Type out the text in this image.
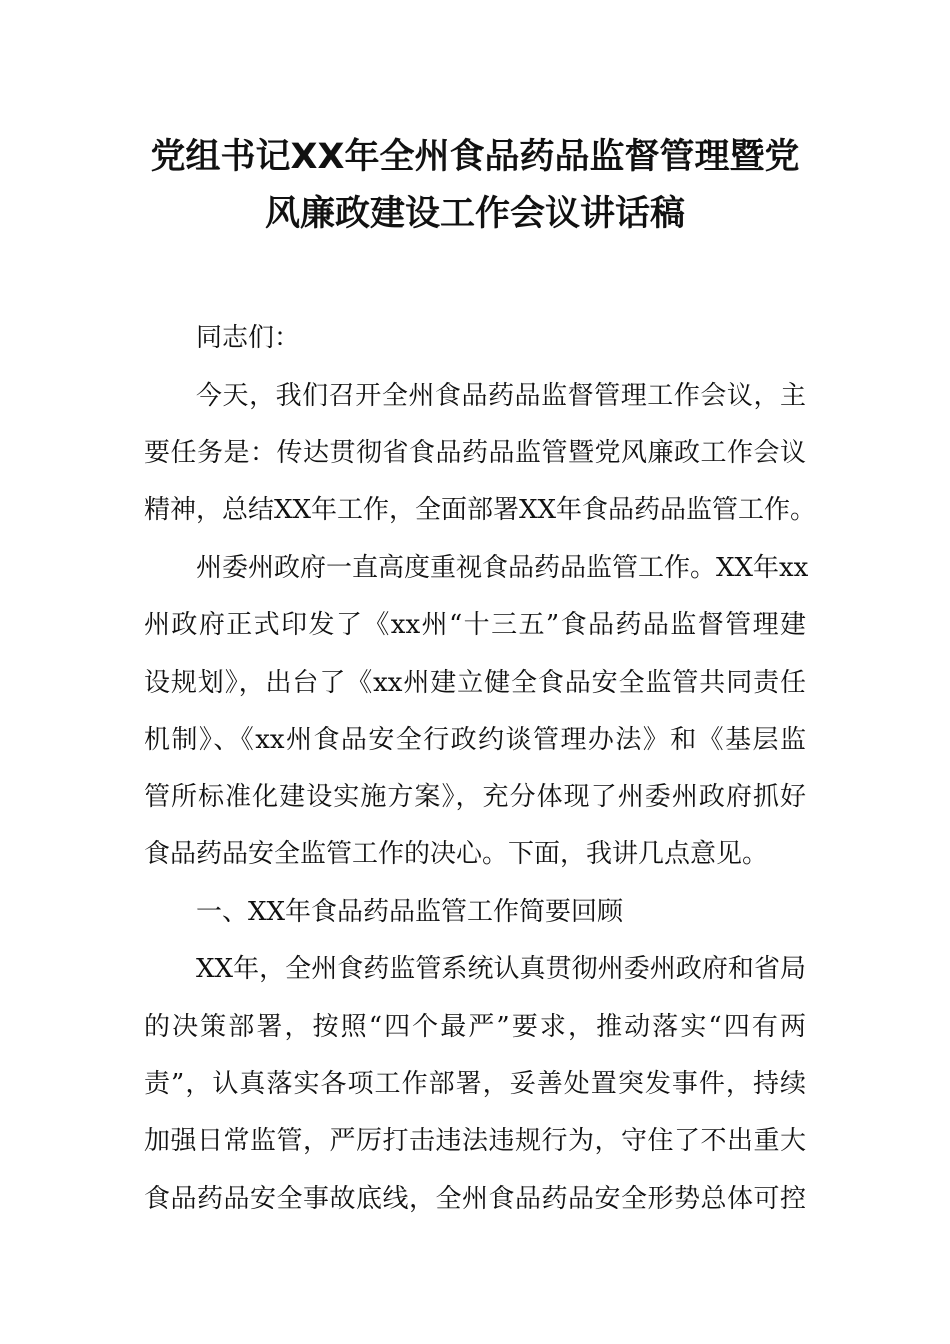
党组书记XX年全州食品药品监督管理暨党
风廉政建设工作会议讲话稿
同志们：
今天，我们召开全州食品药品监督管理工作会议，主
要任务是：传达贯彻省食品药品监管暨党风廉政工作会议
精神，总结XX年工作，全面部署XX年食品药品监管工作。
州委州政府一直高度重视食品药品监管工作。XX年xx
州政府正式印发了《xx州“十三五”食品药品监督管理建
设规划》，出台了《xx州建立健全食品安全监管共同责任
机制》、《xx州食品安全行政约谈管理办法》和《基层监
管所标准化建设实施方案》，充分体现了州委州政府抓好
食品药品安全监管工作的决心。下面，我讲几点意见。
一、XX年食品药品监管工作简要回顾
XX年，全州食药监管系统认真贯彻州委州政府和省局
的决策部署，按照“四个最严”要求，推动落实“四有两
责”，认真落实各项工作部署，妥善处置突发事件，持续
加强日常监管，严厉打击违法违规行为，守住了不出重大
食品药品安全事故底线，全州食品药品安全形势总体可控
